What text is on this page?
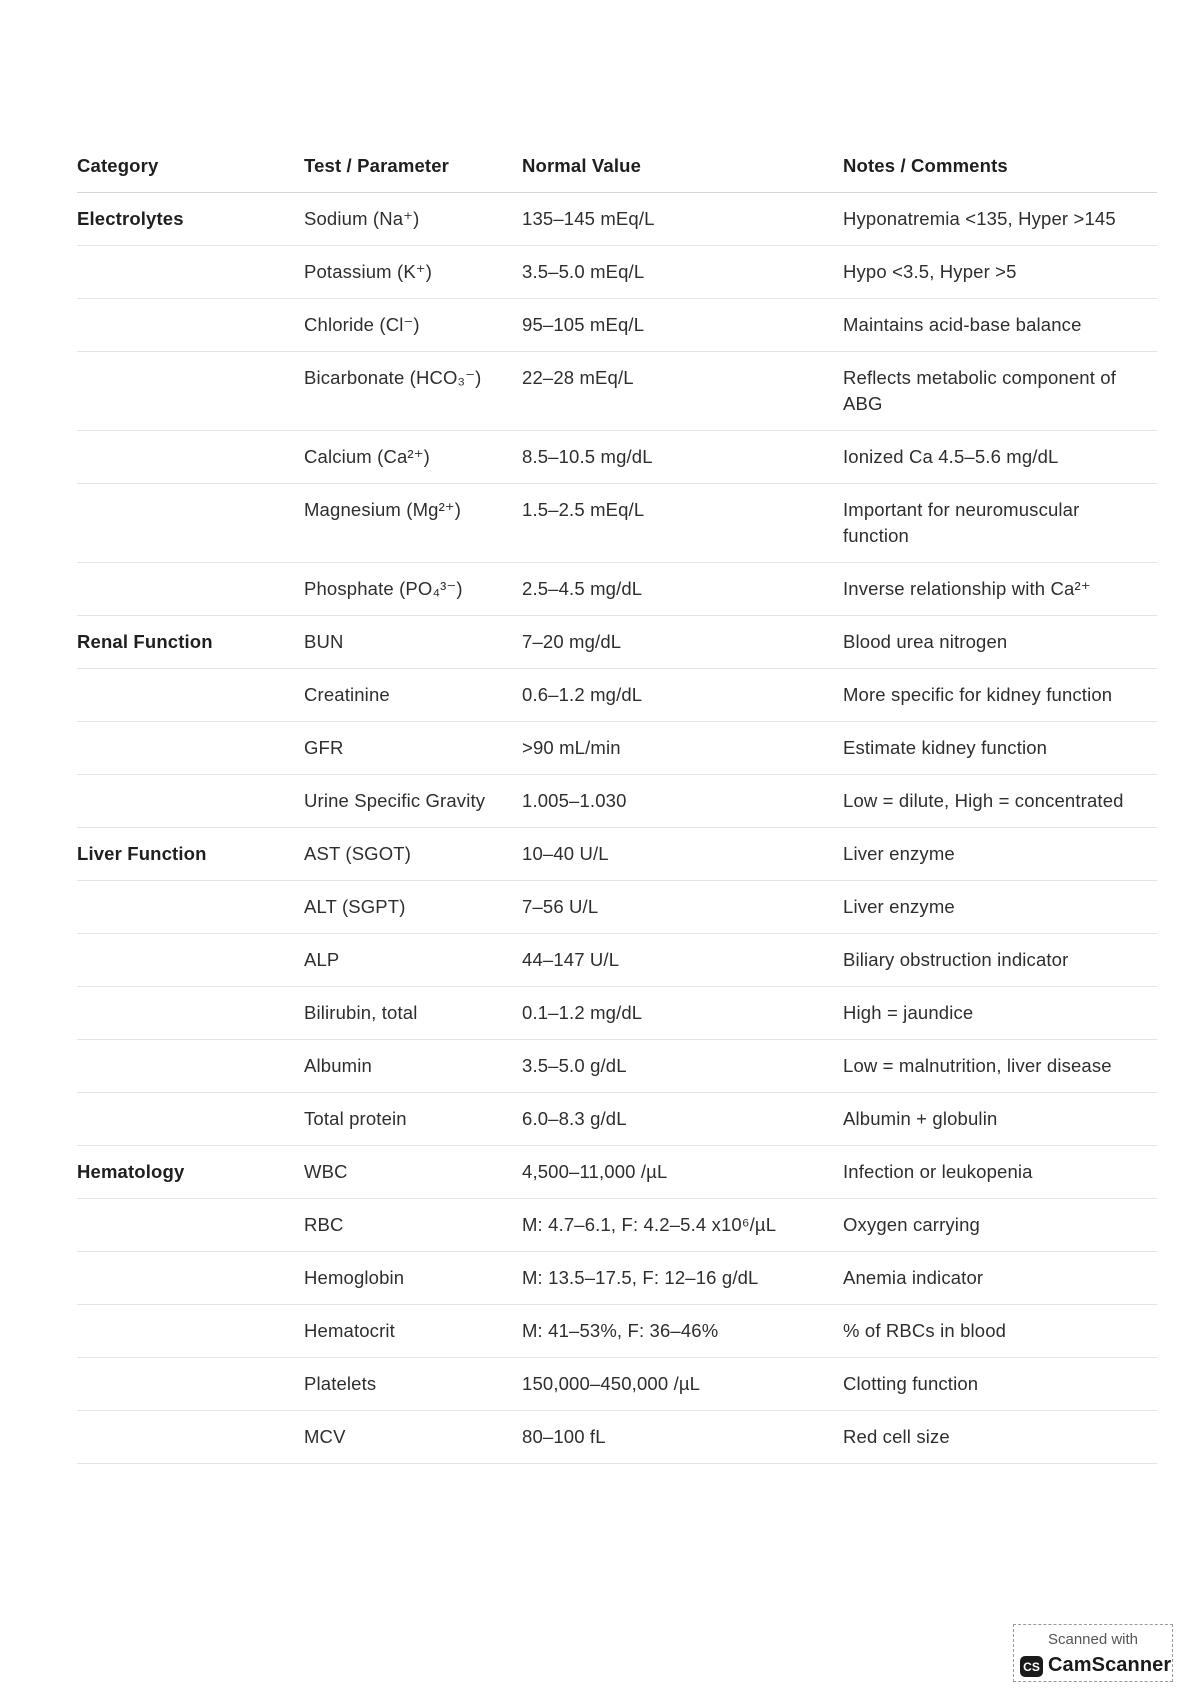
Category	Test / Parameter	Normal Value	Notes / Comments
Electrolytes	Sodium (Na⁺)	135–145 mEq/L	Hyponatremia <135, Hyper >145
	Potassium (K⁺)	3.5–5.0 mEq/L	Hypo <3.5, Hyper >5
	Chloride (Cl⁻)	95–105 mEq/L	Maintains acid-base balance
	Bicarbonate (HCO₃⁻)	22–28 mEq/L	Reflects metabolic component of ABG
	Calcium (Ca²⁺)	8.5–10.5 mg/dL	Ionized Ca 4.5–5.6 mg/dL
	Magnesium (Mg²⁺)	1.5–2.5 mEq/L	Important for neuromuscular function
	Phosphate (PO₄³⁻)	2.5–4.5 mg/dL	Inverse relationship with Ca²⁺
Renal Function	BUN	7–20 mg/dL	Blood urea nitrogen
	Creatinine	0.6–1.2 mg/dL	More specific for kidney function
	GFR	>90 mL/min	Estimate kidney function
	Urine Specific Gravity	1.005–1.030	Low = dilute, High = concentrated
Liver Function	AST (SGOT)	10–40 U/L	Liver enzyme
	ALT (SGPT)	7–56 U/L	Liver enzyme
	ALP	44–147 U/L	Biliary obstruction indicator
	Bilirubin, total	0.1–1.2 mg/dL	High = jaundice
	Albumin	3.5–5.0 g/dL	Low = malnutrition, liver disease
	Total protein	6.0–8.3 g/dL	Albumin + globulin
Hematology	WBC	4,500–11,000 /µL	Infection or leukopenia
	RBC	M: 4.7–6.1, F: 4.2–5.4 x10⁶/µL	Oxygen carrying
	Hemoglobin	M: 13.5–17.5, F: 12–16 g/dL	Anemia indicator
	Hematocrit	M: 41–53%, F: 36–46%	% of RBCs in blood
	Platelets	150,000–450,000 /µL	Clotting function
	MCV	80–100 fL	Red cell size
Scanned with
CS CamScanner
